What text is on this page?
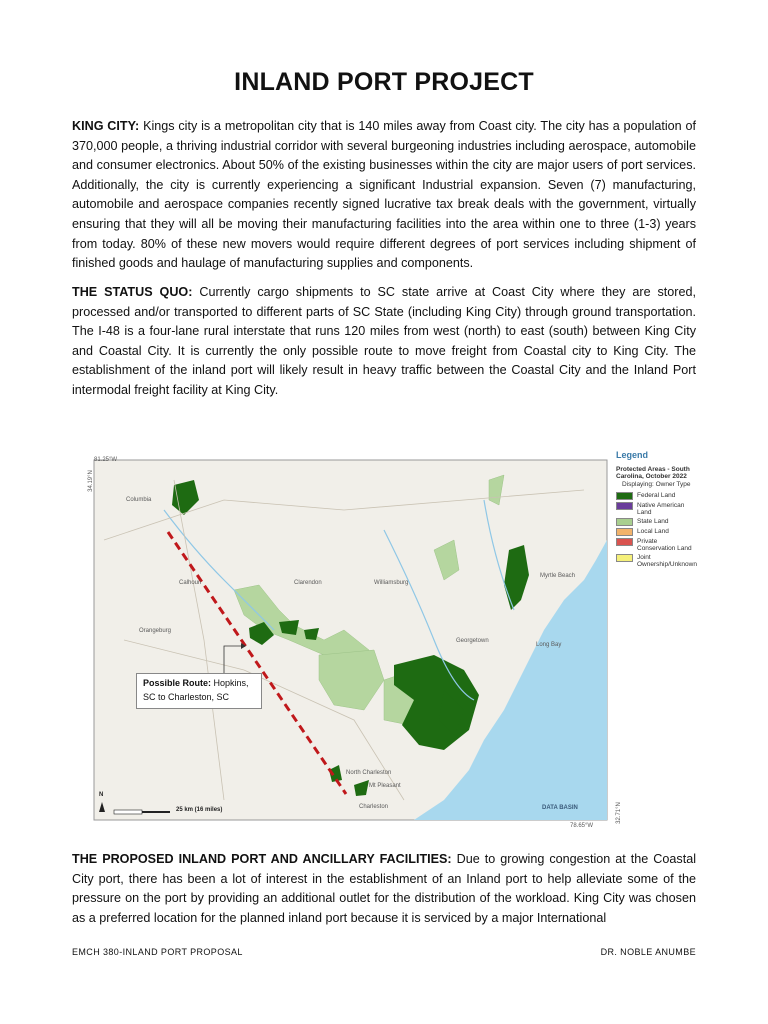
INLAND PORT PROJECT
KING CITY: Kings city is a metropolitan city that is 140 miles away from Coast city. The city has a population of 370,000 people, a thriving industrial corridor with several burgeoning industries including aerospace, automobile and consumer electronics. About 50% of the existing businesses within the city are major users of port services. Additionally, the city is currently experiencing a significant Industrial expansion. Seven (7) manufacturing, automobile and aerospace companies recently signed lucrative tax break deals with the government, virtually ensuring that they will all be moving their manufacturing facilities into the area within one to three (1-3) years from today. 80% of these new movers would require different degrees of port services including shipment of finished goods and haulage of manufacturing supplies and components.
THE STATUS QUO: Currently cargo shipments to SC state arrive at Coast City where they are stored, processed and/or transported to different parts of SC State (including King City) through ground transportation. The I-48 is a four-lane rural interstate that runs 120 miles from west (north) to east (south) between King City and Coastal City. It is currently the only possible route to move freight from Coastal city to King City. The establishment of the inland port will likely result in heavy traffic between the Coastal City and the Inland Port intermodal freight facility at King City.
81.25°W
78.65°W
34.19°N
32.71°N
Columbia
Orangeburg
Calhoun	Clarendon	Williamsburg
Georgetown
Myrtle Beach
Long Bay
North Charleston
Mt Pleasant
Charleston
25 km (16 miles)
N
DATA BASIN
Possible Route: Hopkins, SC to Charleston, SC
Legend
Protected Areas - South Carolina, October 2022
Displaying: Owner Type
Federal Land
Native American Land
State Land
Local Land
Private Conservation Land
Joint Ownership/Unknown
THE PROPOSED INLAND PORT AND ANCILLARY FACILITIES: Due to growing congestion at the Coastal City port, there has been a lot of interest in the establishment of an Inland port to help alleviate some of the pressure on the port by providing an additional outlet for the distribution of the workload. King City was chosen as a preferred location for the planned inland port because it is serviced by a major International
EMCH 380-INLAND PORT PROPOSAL	DR. NOBLE ANUMBE
